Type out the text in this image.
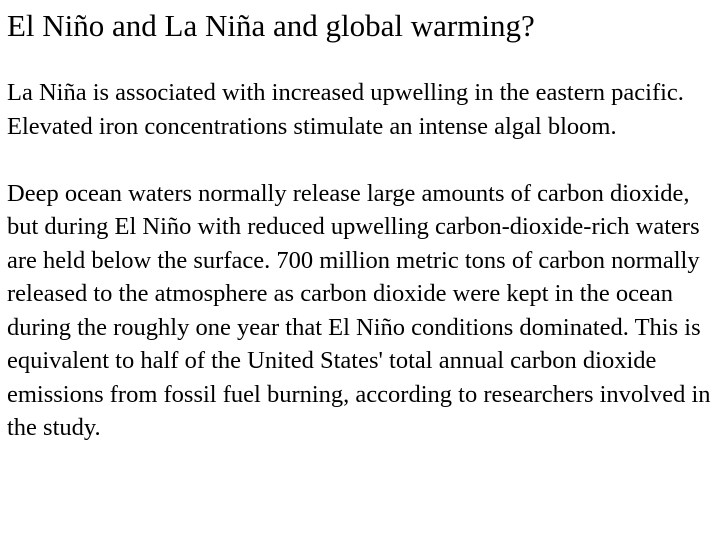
El Niño and La Niña and global warming?

La Niña is associated with increased upwelling in the eastern pacific. Elevated iron concentrations stimulate an intense algal bloom.

Deep ocean waters normally release large amounts of carbon dioxide, but during El Niño with reduced upwelling carbon-dioxide-rich waters are held below the surface. 700 million metric tons of carbon normally released to the atmosphere as carbon dioxide were kept in the ocean during the roughly one year that El Niño conditions dominated. This is equivalent to half of the United States' total annual carbon dioxide emissions from fossil fuel burning, according to researchers involved in the study.
